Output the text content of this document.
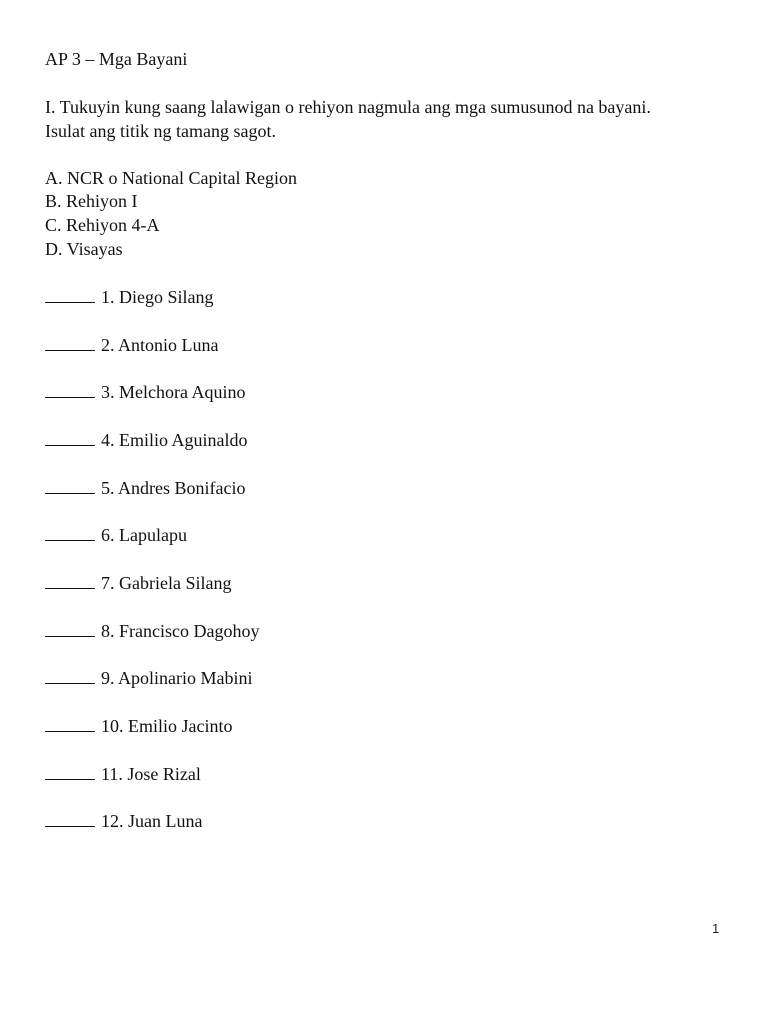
AP 3 – Mga Bayani
I. Tukuyin kung saang lalawigan o rehiyon nagmula ang mga sumusunod na bayani.
Isulat ang titik ng tamang sagot.
A. NCR o National Capital Region
B. Rehiyon I
C. Rehiyon 4-A
D. Visayas
1. Diego Silang
2. Antonio Luna
3. Melchora Aquino
4. Emilio Aguinaldo
5. Andres Bonifacio
6. Lapulapu
7. Gabriela Silang
8. Francisco Dagohoy
9. Apolinario Mabini
10. Emilio Jacinto
11. Jose Rizal
12. Juan Luna
1
